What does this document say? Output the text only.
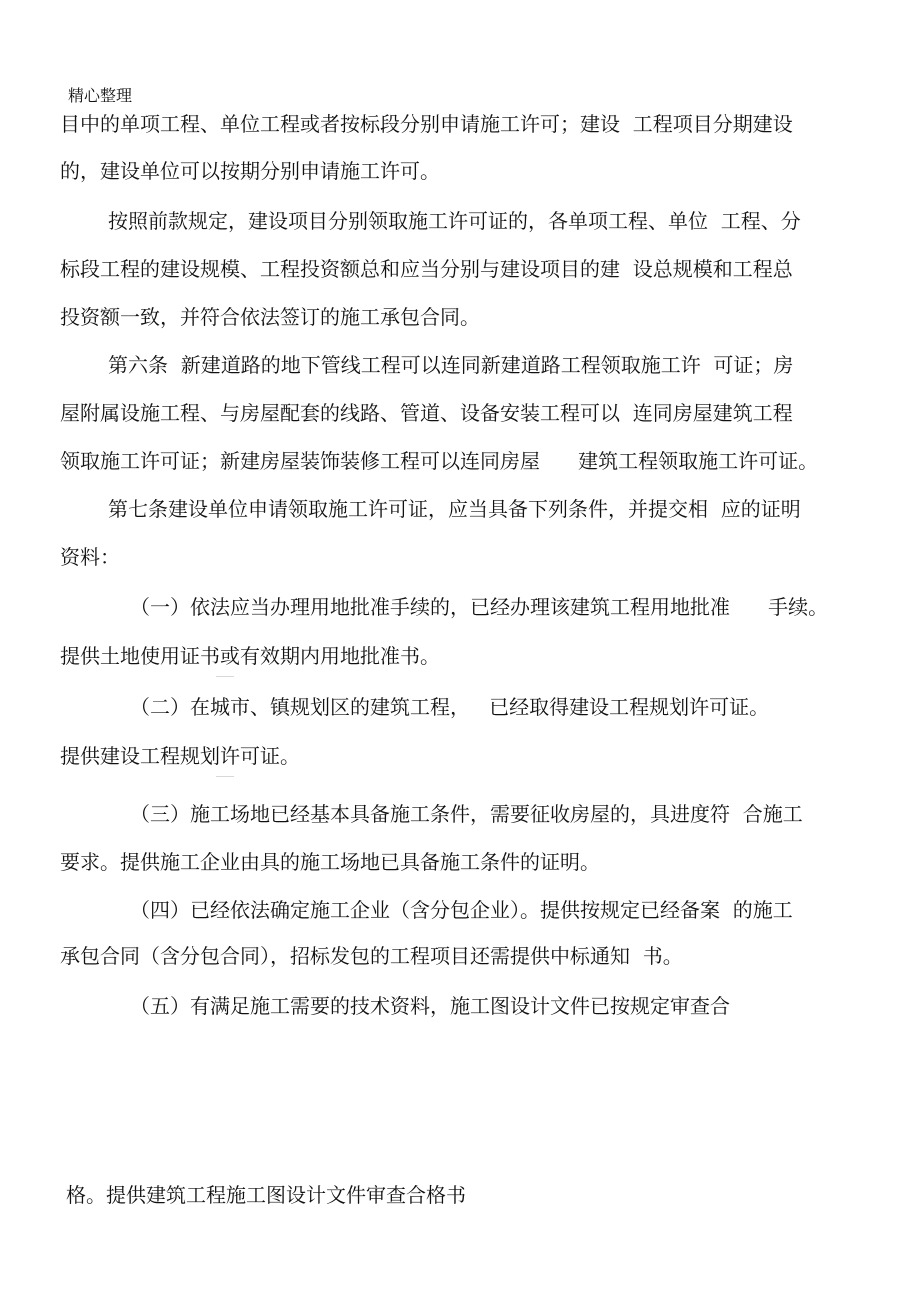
精心整理
目中的单项工程、单位工程或者按标段分别申请施工许可；建设  工程项目分期建设
的，建设单位可以按期分别申请施工许可。
按照前款规定，建设项目分别领取施工许可证的，各单项工程、单位  工程、分
标段工程的建设规模、工程投资额总和应当分别与建设项目的建  设总规模和工程总
投资额一致，并符合依法签订的施工承包合同。
第六条  新建道路的地下管线工程可以连同新建道路工程领取施工许  可证；房
屋附属设施工程、与房屋配套的线路、管道、设备安装工程可以  连同房屋建筑工程
领取施工许可证；新建房屋装饰装修工程可以连同房屋      建筑工程领取施工许可证。
第七条建设单位申请领取施工许可证，应当具备下列条件，并提交相  应的证明
资料：
（一）依法应当办理用地批准手续的，已经办理该建筑工程用地批准      手续。
提供土地使用证书或有效期内用地批准书。
（二）在城市、镇规划区的建筑工程，   已经取得建设工程规划许可证。
提供建设工程规划许可证。
（三）施工场地已经基本具备施工条件，需要征收房屋的，具进度符  合施工
要求。提供施工企业由具的施工场地已具备施工条件的证明。
（四）已经依法确定施工企业（含分包企业）。提供按规定已经备案  的施工
承包合同（含分包合同），招标发包的工程项目还需提供中标通知  书。
（五）有满足施工需要的技术资料，施工图设计文件已按规定审查合
格。提供建筑工程施工图设计文件审查合格书
